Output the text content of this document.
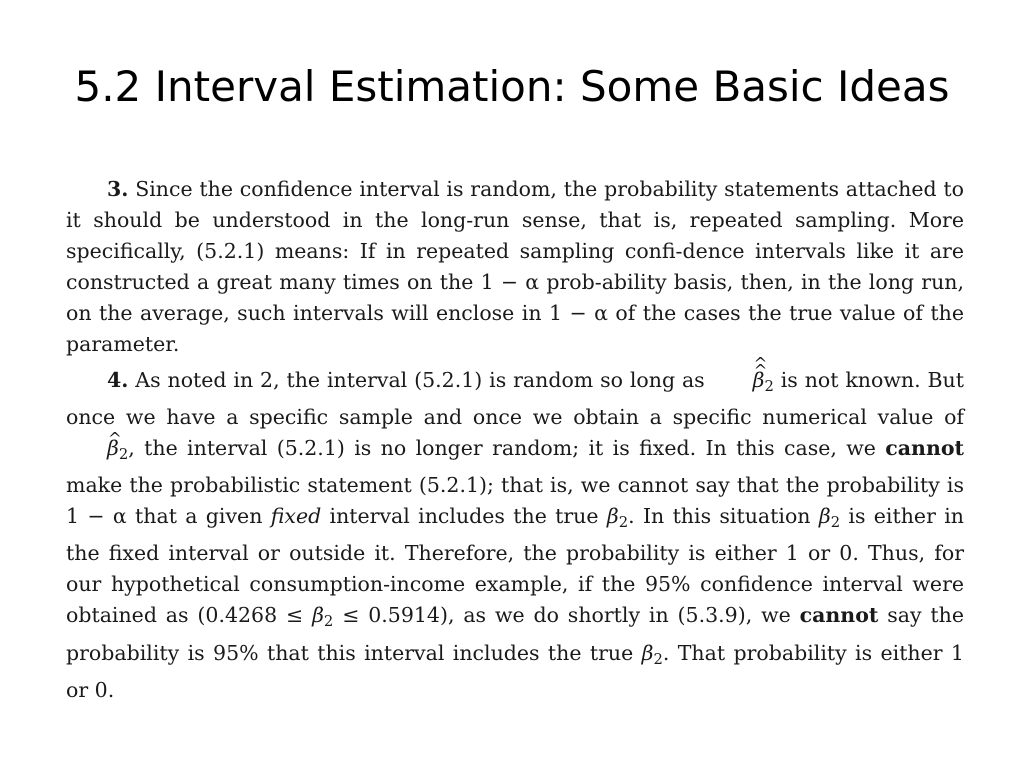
5.2 Interval Estimation: Some Basic Ideas

3. Since the confidence interval is random, the probability statements attached to it should be understood in the long-run sense, that is, repeated sampling. More specifically, (5.2.1) means: If in repeated sampling confi-dence intervals like it are constructed a great many times on the 1 − α prob-ability basis, then, in the long run, on the average, such intervals will enclose in 1 − α of the cases the true value of the parameter.

4. As noted in 2, the interval (5.2.1) is random so long as ^ β $\^{}_2$ is not known. But once we have a specific sample and once we obtain a specific numerical value of ^ $\beta_2$, the interval (5.2.1) is no longer random; it is fixed. In this case, we cannot make the probabilistic statement (5.2.1); that is, we cannot say that the probability is 1 − α that a given fixed interval includes the true $\beta_2$. In this situation $\beta_2$ is either in the fixed interval or outside it. Therefore, the probability is either 1 or 0. Thus, for our hypothetical consumption-income example, if the 95% confidence interval were obtained as $(0.4268 \le \beta_2 \le 0.5914)$, as we do shortly in (5.3.9), we cannot say the probability is 95% that this interval includes the true $\beta_2$. That probability is either 1 or 0.
